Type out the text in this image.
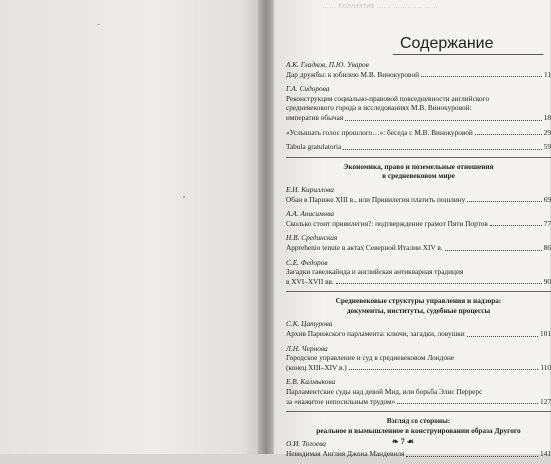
…… Коллектив …… ………… ……
Содержание
А.К. Гладков, П.Ю. Уваров
Дар дружбы: к юбилею М.В. Винокуровой	11
Г.А. Сидорова
Реконструкция социально-правовой повседневности английского
средневекового города в исследованиях М.В. Винокуровой:
императив обычая	18
«Услышать голос прошлого…»: беседа с М.В. Винокуровой	29
Tabula gratulatoria	59
Экономика, право и поземельные отношения
в средневековом мире
Е.Н. Кириллова
Обан в Париже XIII в., или Привилегия платить пошлину	69
А.А. Анисимова
Сколько стоит привилегия?: подтверждение грамот Пяти Портов	77
Н.В. Срединская
Apprehenio tenute в актах Северной Италии XIV в.	86
С.Е. Федоров
Загадки гавелкайнда и английская антикварная традиция
в XVI–XVII вв.	90
Средневековые структуры управления и надзора:
документы, институты, судебные процессы
С.К. Цатурова
Архив Парижского парламента: ключи, загадки, ловушки	101
Л.Н. Чернова
Городское управление и суд в средневековом Лондоне
(конец XIII–XIV в.)	110
Е.В. Калмыкова
Парламентские суды над девой Мид, или борьба Элис Перрерс
за «нажитое непосильным трудом»	127
Взгляд со стороны:
реальное и вымышленное в конструировании образа Другого
О.И. Тогоева
Невидимая Англия Джона Мандевиля	141
❧ 7 ☙
